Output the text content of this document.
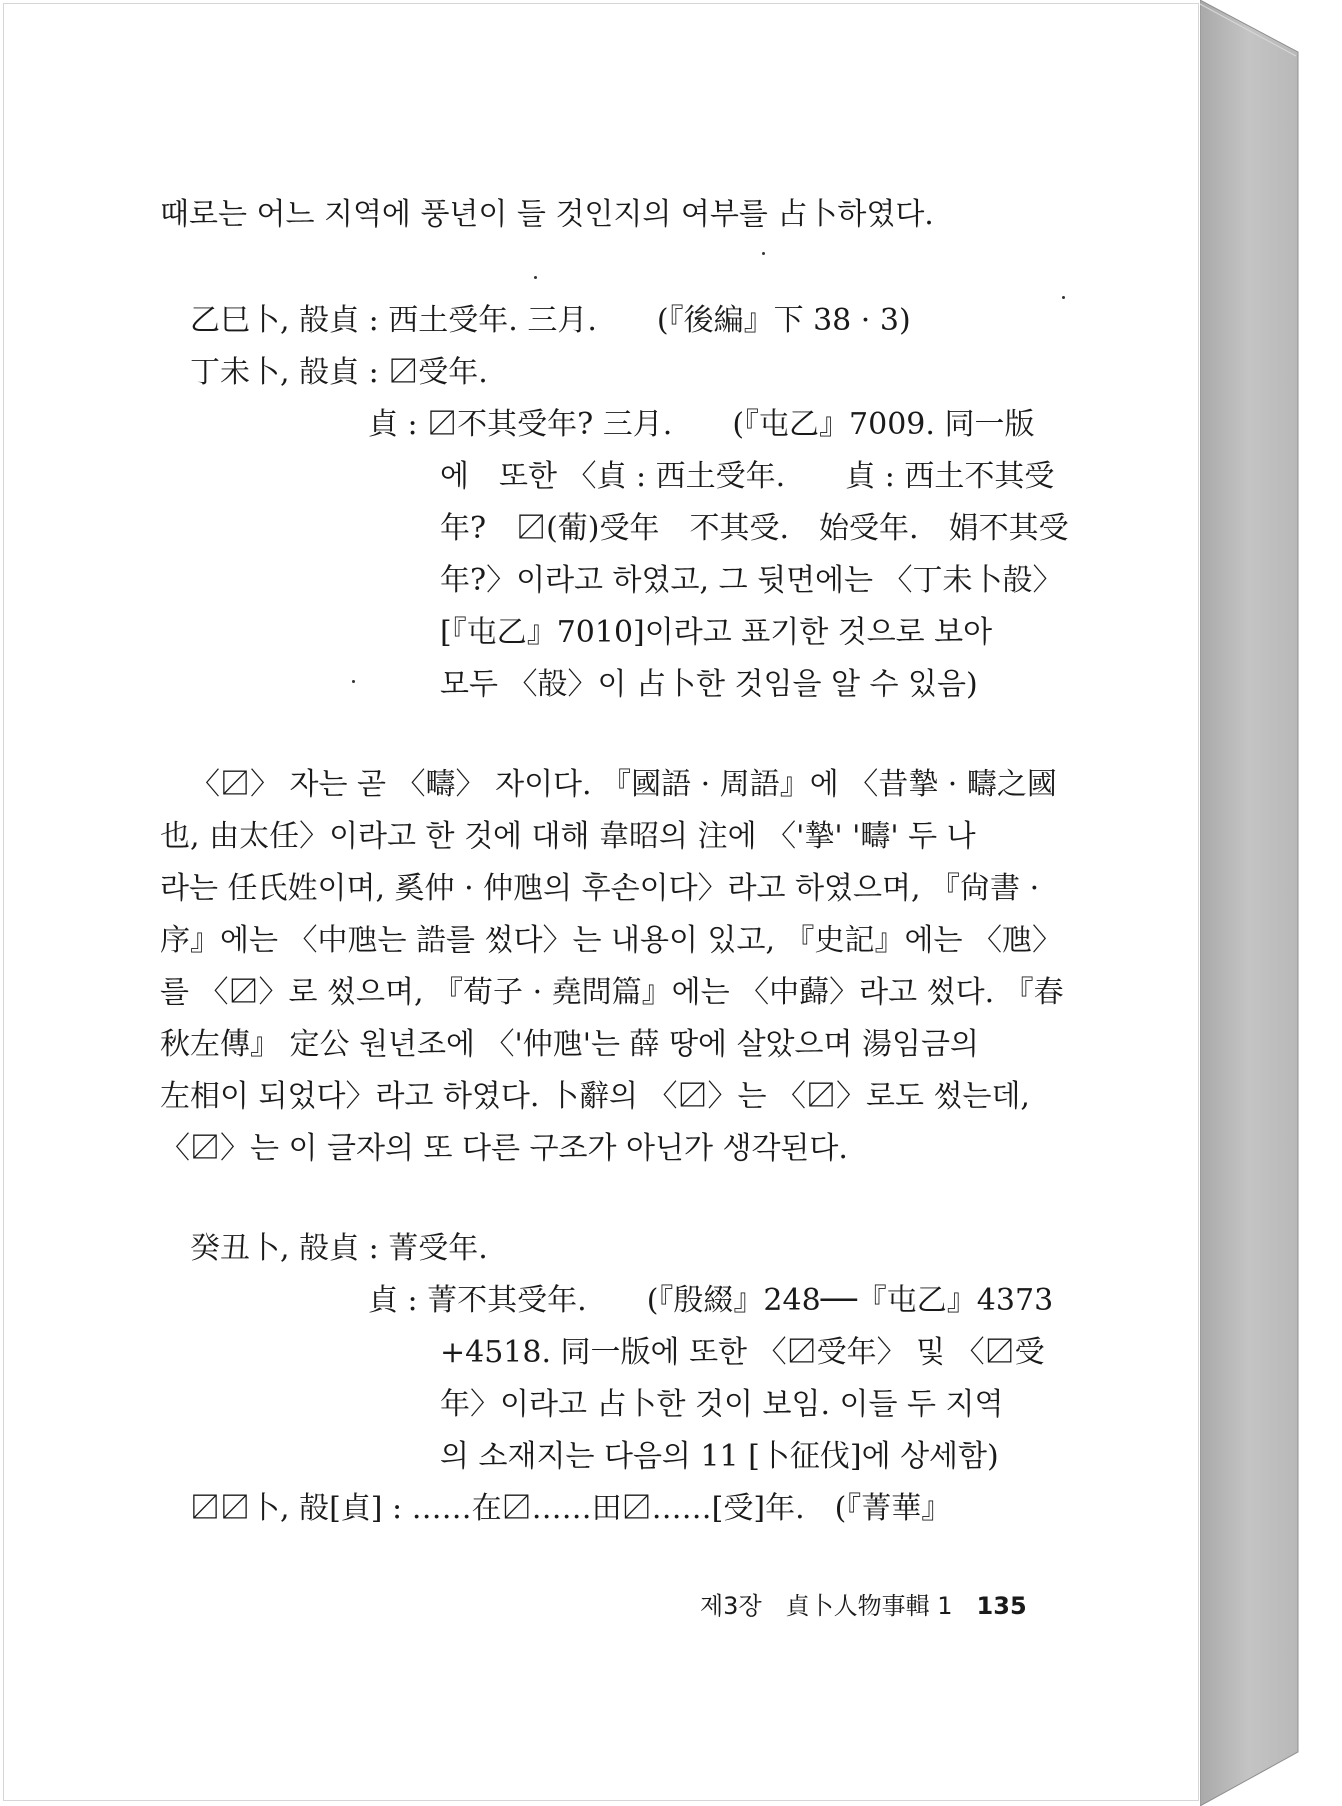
때로는 어느 지역에 풍년이 들 것인지의 여부를 占卜하였다.
乙巳卜, 㱿貞 : 西土受年. 三月.　　(『後編』下 38 · 3)
丁未卜, 㱿貞 : 〼受年.
貞 : 〼不其受年? 三月.　　(『屯乙』7009. 同一版
에　또한 〈貞 : 西土受年.　　貞 : 西土不其受
年?　〼(葡)受年　不其受.　始受年.　娟不其受
年?〉이라고 하였고, 그 뒷면에는 〈丁未卜㱿〉
[『屯乙』7010]이라고 표기한 것으로 보아
모두 〈㱿〉이 占卜한 것임을 알 수 있음)
〈〼〉 자는 곧 〈疇〉 자이다. 『國語 · 周語』에 〈昔摯 · 疇之國
也, 由太任〉이라고 한 것에 대해 韋昭의 注에 〈'摯' '疇' 두 나
라는 任氏姓이며, 奚仲 · 仲虺의 후손이다〉라고 하였으며, 『尙書 ·
序』에는 〈中虺는 誥를 썼다〉는 내용이 있고, 『史記』에는 〈虺〉
를 〈〼〉로 썼으며, 『荀子 · 堯問篇』에는 〈中蘬〉라고 썼다. 『春
秋左傳』 定公 원년조에 〈'仲虺'는 薛 땅에 살았으며 湯임금의
左相이 되었다〉라고 하였다. 卜辭의 〈〼〉는 〈〼〉로도 썼는데,
〈〼〉는 이 글자의 또 다른 구조가 아닌가 생각된다.
癸丑卜, 㱿貞 : 菁受年.
貞 : 菁不其受年.　　(『殷綴』248──『屯乙』4373
+4518. 同一版에 또한 〈〼受年〉 및 〈〼受
年〉이라고 占卜한 것이 보임. 이들 두 지역
의 소재지는 다음의 11 [卜征伐]에 상세함)
〼〼卜, 㱿[貞] : ……在〼……田〼……[受]年.　(『菁華』
제3장　貞卜人物事輯 1 135
